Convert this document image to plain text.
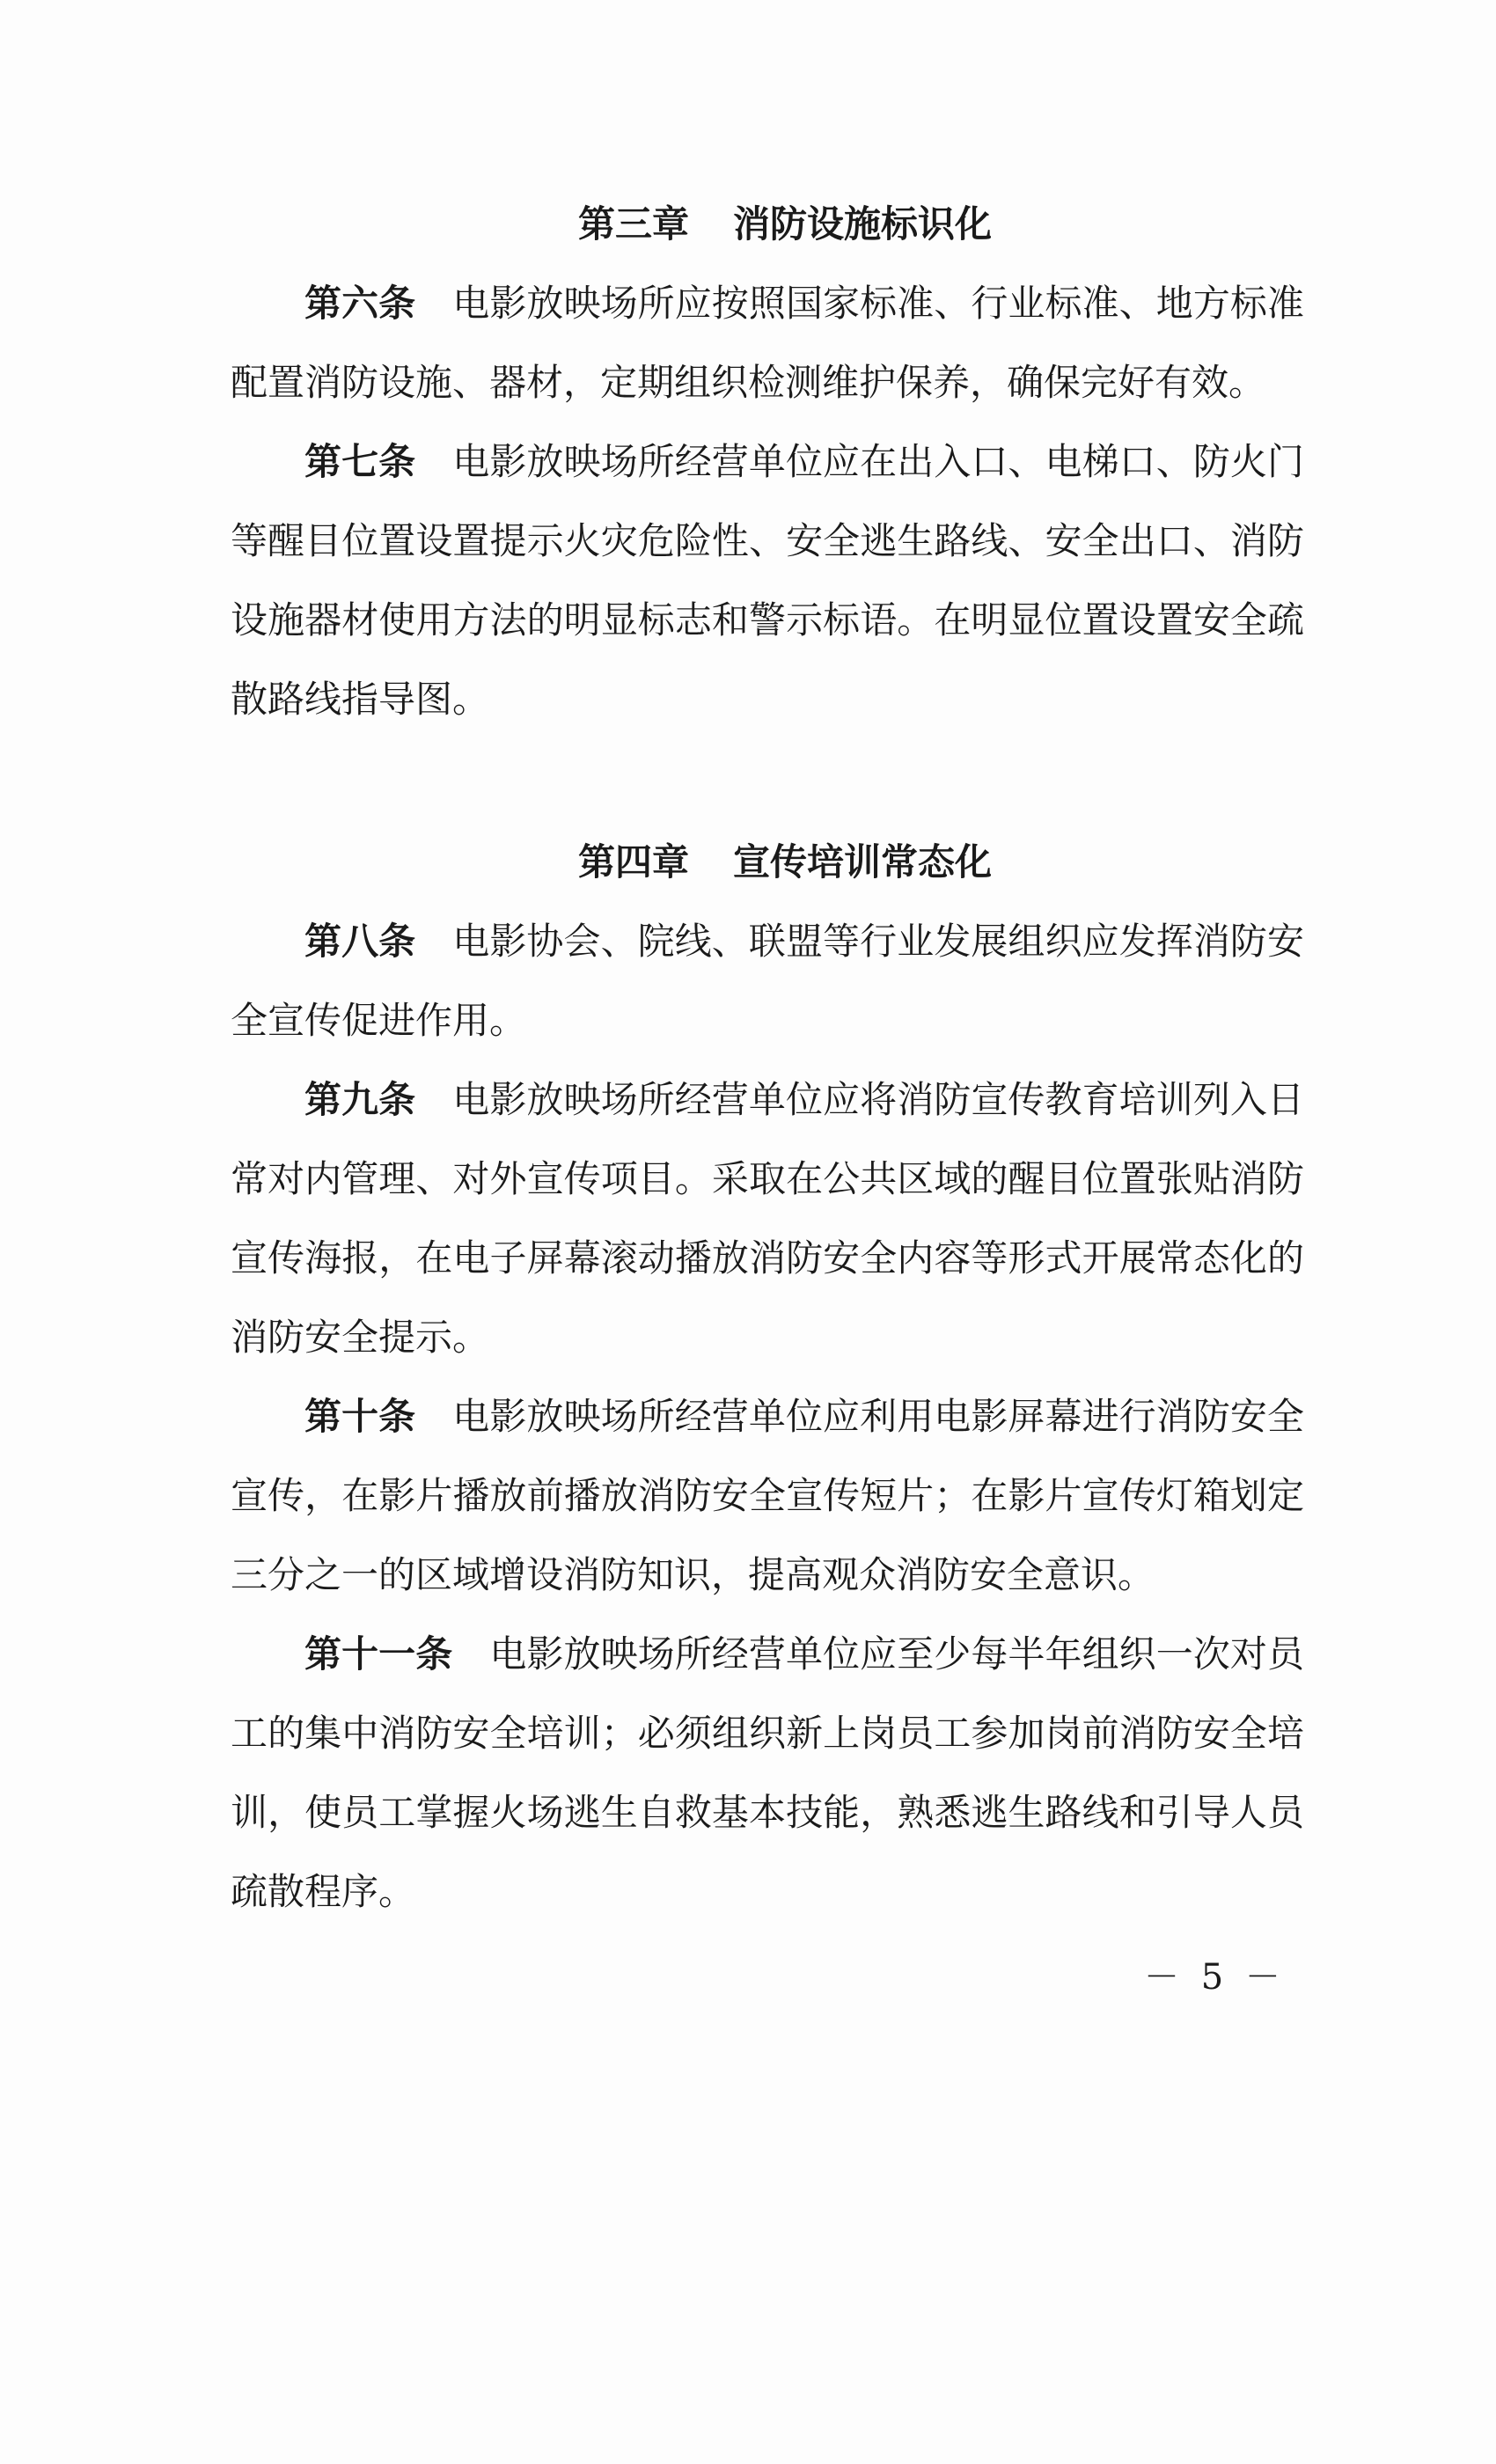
第三章 消防设施标识化

第六条 电影放映场所应按照国家标准、行业标准、地方标准配置消防设施、器材，定期组织检测维护保养，确保完好有效。

第七条 电影放映场所经营单位应在出入口、电梯口、防火门等醒目位置设置提示火灾危险性、安全逃生路线、安全出口、消防设施器材使用方法的明显标志和警示标语。在明显位置设置安全疏散路线指导图。

第四章 宣传培训常态化

第八条 电影协会、院线、联盟等行业发展组织应发挥消防安全宣传促进作用。

第九条 电影放映场所经营单位应将消防宣传教育培训列入日常对内管理、对外宣传项目。采取在公共区域的醒目位置张贴消防宣传海报，在电子屏幕滚动播放消防安全内容等形式开展常态化的消防安全提示。

第十条 电影放映场所经营单位应利用电影屏幕进行消防安全宣传，在影片播放前播放消防安全宣传短片；在影片宣传灯箱划定三分之一的区域增设消防知识，提高观众消防安全意识。

第十一条 电影放映场所经营单位应至少每半年组织一次对员工的集中消防安全培训；必须组织新上岗员工参加岗前消防安全培训，使员工掌握火场逃生自救基本技能，熟悉逃生路线和引导人员疏散程序。

－ 5 －
